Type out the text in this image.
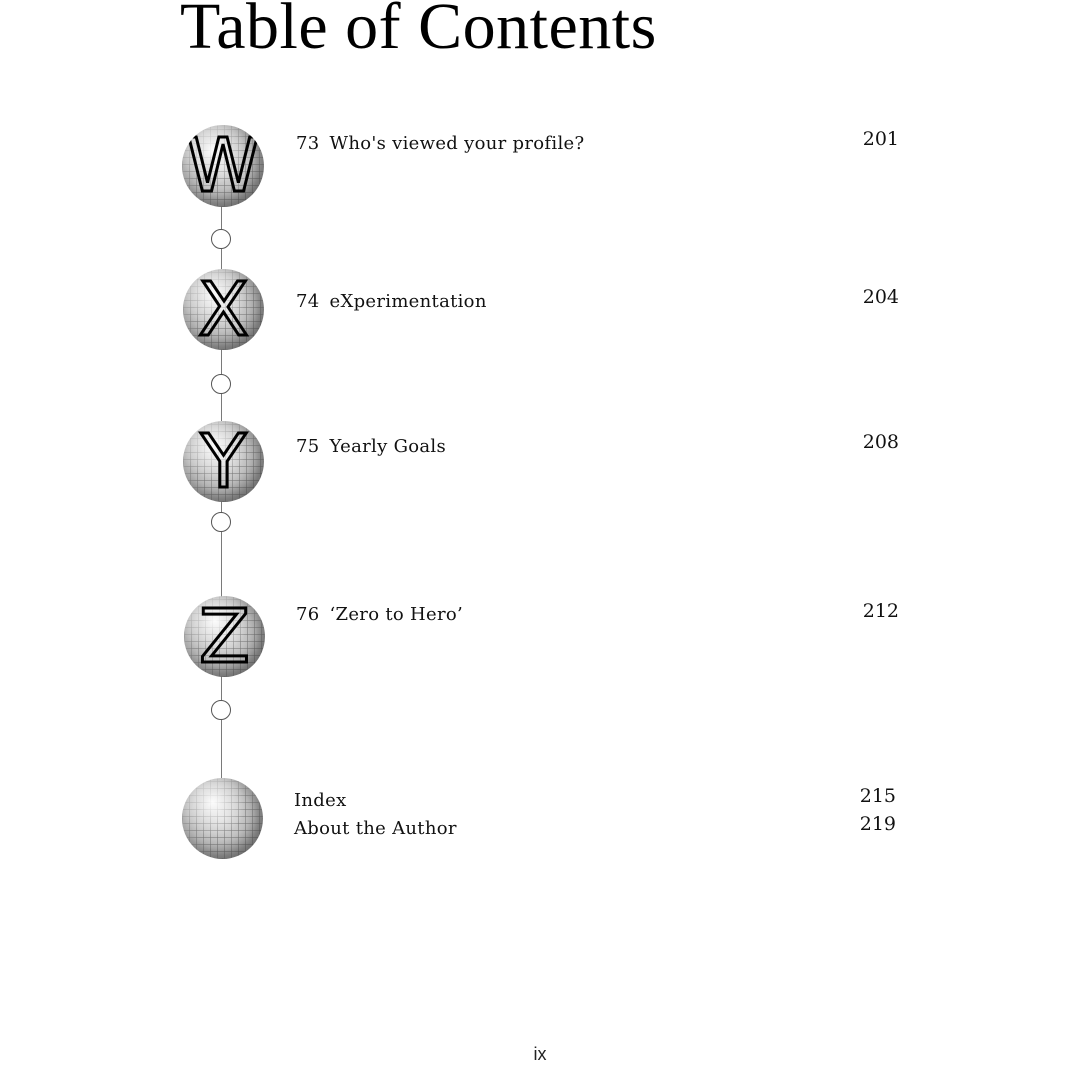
Table of Contents
W
X
Y
Z
73 Who's viewed your profile?	201
74 eXperimentation	204
75 Yearly Goals	208
76 ‘Zero to Hero’	212
Index	215
About the Author	219
ix
